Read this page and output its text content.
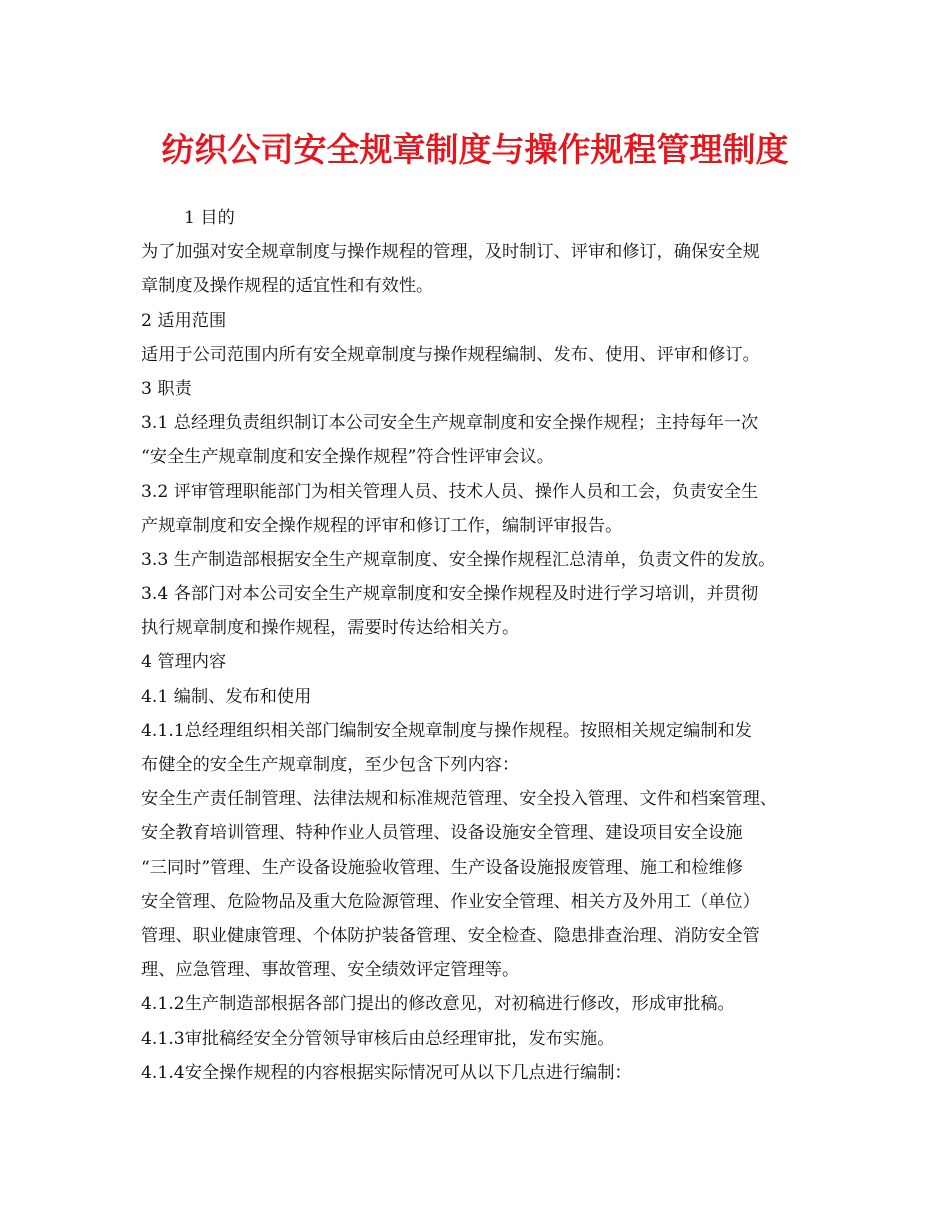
纺织公司安全规章制度与操作规程管理制度
1 目的
为了加强对安全规章制度与操作规程的管理，及时制订、评审和修订，确保安全规
章制度及操作规程的适宜性和有效性。
2 适用范围
适用于公司范围内所有安全规章制度与操作规程编制、发布、使用、评审和修订。
3 职责
3.1 总经理负责组织制订本公司安全生产规章制度和安全操作规程；主持每年一次
“安全生产规章制度和安全操作规程”符合性评审会议。
3.2 评审管理职能部门为相关管理人员、技术人员、操作人员和工会，负责安全生
产规章制度和安全操作规程的评审和修订工作，编制评审报告。
3.3 生产制造部根据安全生产规章制度、安全操作规程汇总清单，负责文件的发放。
3.4 各部门对本公司安全生产规章制度和安全操作规程及时进行学习培训，并贯彻
执行规章制度和操作规程，需要时传达给相关方。
4 管理内容
4.1 编制、发布和使用
4.1.1总经理组织相关部门编制安全规章制度与操作规程。按照相关规定编制和发
布健全的安全生产规章制度，至少包含下列内容：
安全生产责任制管理、法律法规和标准规范管理、安全投入管理、文件和档案管理、
安全教育培训管理、特种作业人员管理、设备设施安全管理、建设项目安全设施
“三同时”管理、生产设备设施验收管理、生产设备设施报废管理、施工和检维修
安全管理、危险物品及重大危险源管理、作业安全管理、相关方及外用工（单位）
管理、职业健康管理、个体防护装备管理、安全检查、隐患排查治理、消防安全管
理、应急管理、事故管理、安全绩效评定管理等。
4.1.2生产制造部根据各部门提出的修改意见，对初稿进行修改，形成审批稿。
4.1.3审批稿经安全分管领导审核后由总经理审批，发布实施。
4.1.4安全操作规程的内容根据实际情况可从以下几点进行编制：
